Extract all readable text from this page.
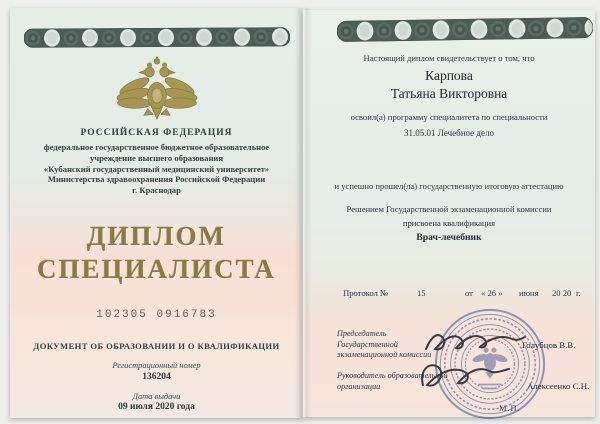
РОССИЙСКАЯ ФЕДЕРАЦИЯ
федеральное государственное бюджетное образовательное
учреждение высшего образования
«Кубанский государственный медицинский университет»
Министерства здравоохранения Российской Федерации
г. Краснодар
ДИПЛОМ
СПЕЦИАЛИСТА
102305 0916783
ДОКУМЕНТ ОБ ОБРАЗОВАНИИ И О КВАЛИФИКАЦИИ
Регистрационный номер
136204
Дата выдачи
09 июля 2020 года
Настоящий диплом свидетельствует о том, что
Карпова
Татьяна Викторовна
освоил(а) программу специалитета по специальности
31.05.01 Лечебное дело
и успешно прошел(ла) государственную итоговую аттестацию
Решением Государственной экзаменационной комиссии
присвоена квалификация
Врач-лечебник
Протокол №	15	от « 26 » июня 20 20 г.
Председатель
Государственной
экзаменационной комиссии
Голубцов В.В.
Руководитель образовательной
организации	Алексеенко С.Н.
М.П.
